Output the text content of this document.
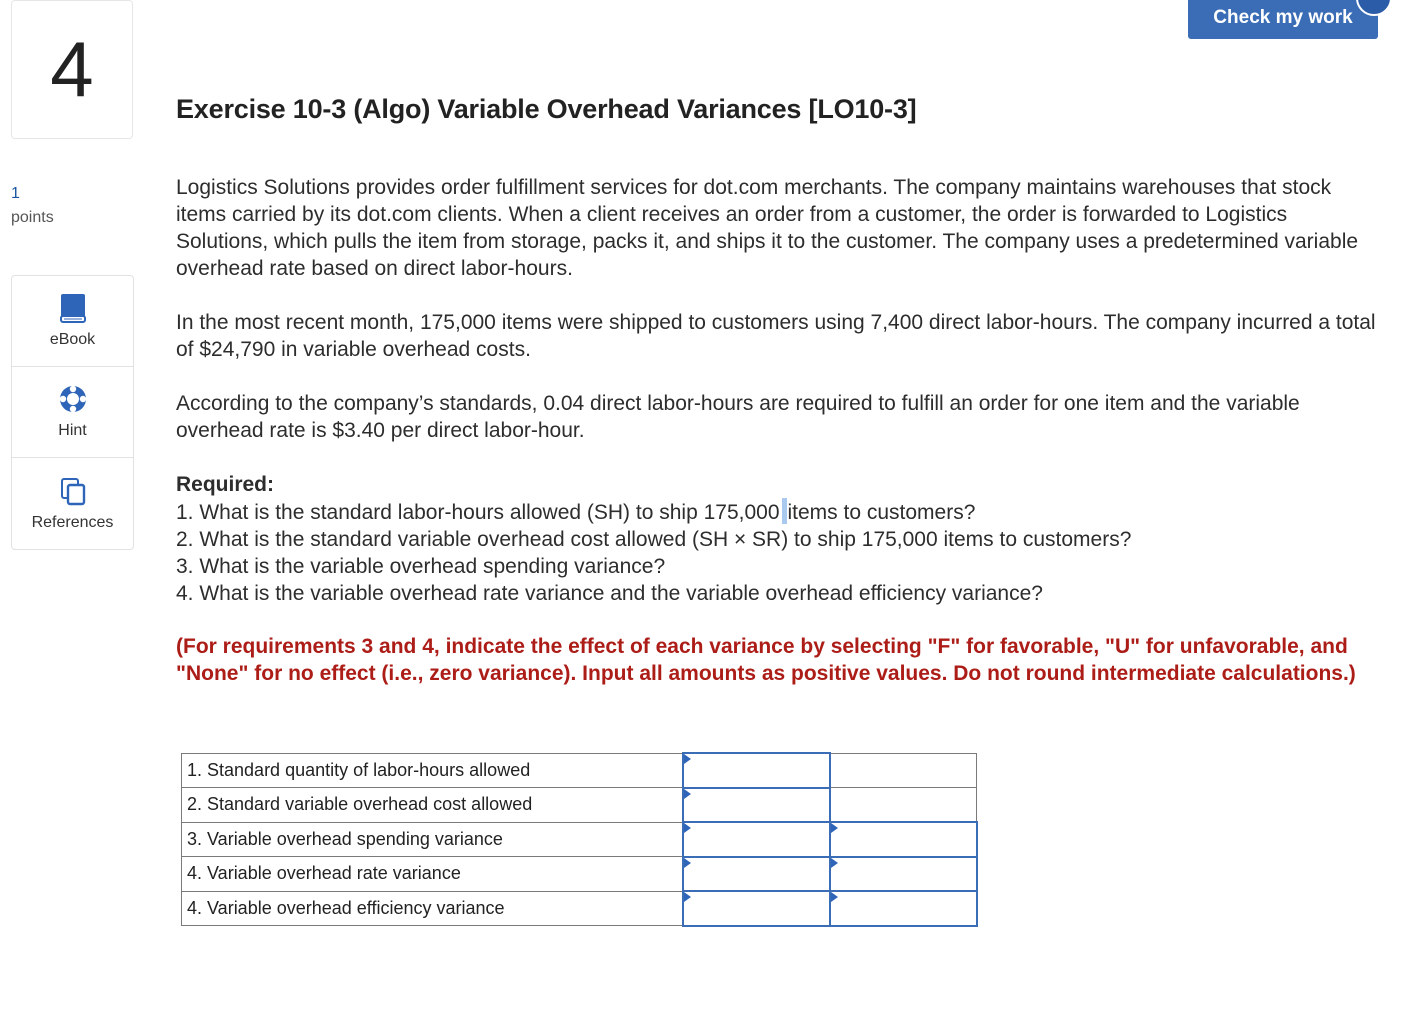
4
1
points
eBook
Hint
References
Check my work
Exercise 10-3 (Algo) Variable Overhead Variances [LO10-3]
Logistics Solutions provides order fulfillment services for dot.com merchants. The company maintains warehouses that stock items carried by its dot.com clients. When a client receives an order from a customer, the order is forwarded to Logistics Solutions, which pulls the item from storage, packs it, and ships it to the customer. The company uses a predetermined variable overhead rate based on direct labor-hours.
In the most recent month, 175,000 items were shipped to customers using 7,400 direct labor-hours. The company incurred a total of $24,790 in variable overhead costs.
According to the company’s standards, 0.04 direct labor-hours are required to fulfill an order for one item and the variable overhead rate is $3.40 per direct labor-hour.
Required:
1. What is the standard labor-hours allowed (SH) to ship 175,000 items to customers?
2. What is the standard variable overhead cost allowed (SH × SR) to ship 175,000 items to customers?
3. What is the variable overhead spending variance?
4. What is the variable overhead rate variance and the variable overhead efficiency variance?
(For requirements 3 and 4, indicate the effect of each variance by selecting "F" for favorable, "U" for unfavorable, and "None" for no effect (i.e., zero variance). Input all amounts as positive values. Do not round intermediate calculations.)
1. Standard quantity of labor-hours allowed	

2. Standard variable overhead cost allowed	

3. Variable overhead spending variance	

4. Variable overhead rate variance	

4. Variable overhead efficiency variance	
